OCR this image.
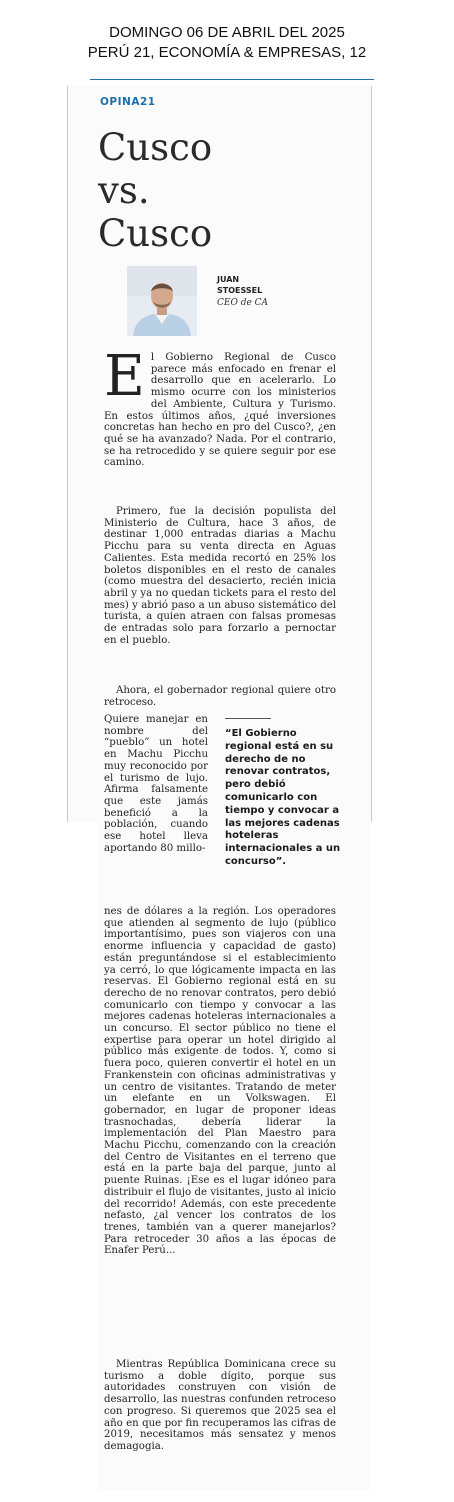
DOMINGO 06 DE ABRIL DEL 2025
PERÚ 21, ECONOMÍA & EMPRESAS, 12
OPINA21
Cusco
vs.
Cusco
JUAN
STOESSEL
CEO de CA
E l Gobierno Regional de Cusco parece más enfocado en frenar el desarrollo que en acelerarlo. Lo mismo ocurre con los ministerios del Ambiente, Cultura y Turismo. En estos últimos años, ¿qué inversiones concretas han hecho en pro del Cusco?, ¿en qué se ha avanzado? Nada. Por el contrario, se ha retrocedido y se quiere seguir por ese camino.
Primero, fue la decisión populista del Ministerio de Cultura, hace 3 años, de destinar 1,000 entradas diarias a Machu Picchu para su venta directa en Aguas Calientes. Esta medida recortó en 25% los boletos disponibles en el resto de canales (como muestra del desacierto, recién inicia abril y ya no quedan tickets para el resto del mes) y abrió paso a un abuso sistemático del turista, a quien atraen con falsas promesas de entradas solo para forzarlo a pernoctar en el pueblo.
Ahora, el gobernador regional quiere otro retroceso.
Quiere manejar en nombre del “pueblo” un hotel en Machu Picchu muy reconocido por el turismo de lujo. Afirma falsamente que este jamás benefició a la población, cuando ese hotel lleva aportando 80 millo-
“El Gobierno regional está en su derecho de no renovar contratos, pero debió comunicarlo con tiempo y convocar a las mejores cadenas hoteleras internacionales a un concurso”.
nes de dólares a la región. Los operadores que atienden al segmento de lujo (público importantísimo, pues son viajeros con una enorme influencia y capacidad de gasto) están preguntándose si el establecimiento ya cerró, lo que lógicamente impacta en las reservas. El Gobierno regional está en su derecho de no renovar contratos, pero debió comunicarlo con tiempo y convocar a las mejores cadenas hoteleras internacionales a un concurso. El sector público no tiene el expertise para operar un hotel dirigido al público más exigente de todos. Y, como si fuera poco, quieren convertir el hotel en un Frankenstein con oficinas administrativas y un centro de visitantes. Tratando de meter un elefante en un Volkswagen. El gobernador, en lugar de proponer ideas trasnochadas, debería liderar la implementación del Plan Maestro para Machu Picchu, comenzando con la creación del Centro de Visitantes en el terreno que está en la parte baja del parque, junto al puente Ruinas. ¡Ese es el lugar idóneo para distribuir el flujo de visitantes, justo al inicio del recorrido! Además, con este precedente nefasto, ¿al vencer los contratos de los trenes, también van a querer manejarlos? Para retroceder 30 años a las épocas de Enafer Perú...
Mientras República Dominicana crece su turismo a doble dígito, porque sus autoridades construyen con visión de desarrollo, las nuestras confunden retroceso con progreso. Si queremos que 2025 sea el año en que por fin recuperamos las cifras de 2019, necesitamos más sensatez y menos demagogia.
